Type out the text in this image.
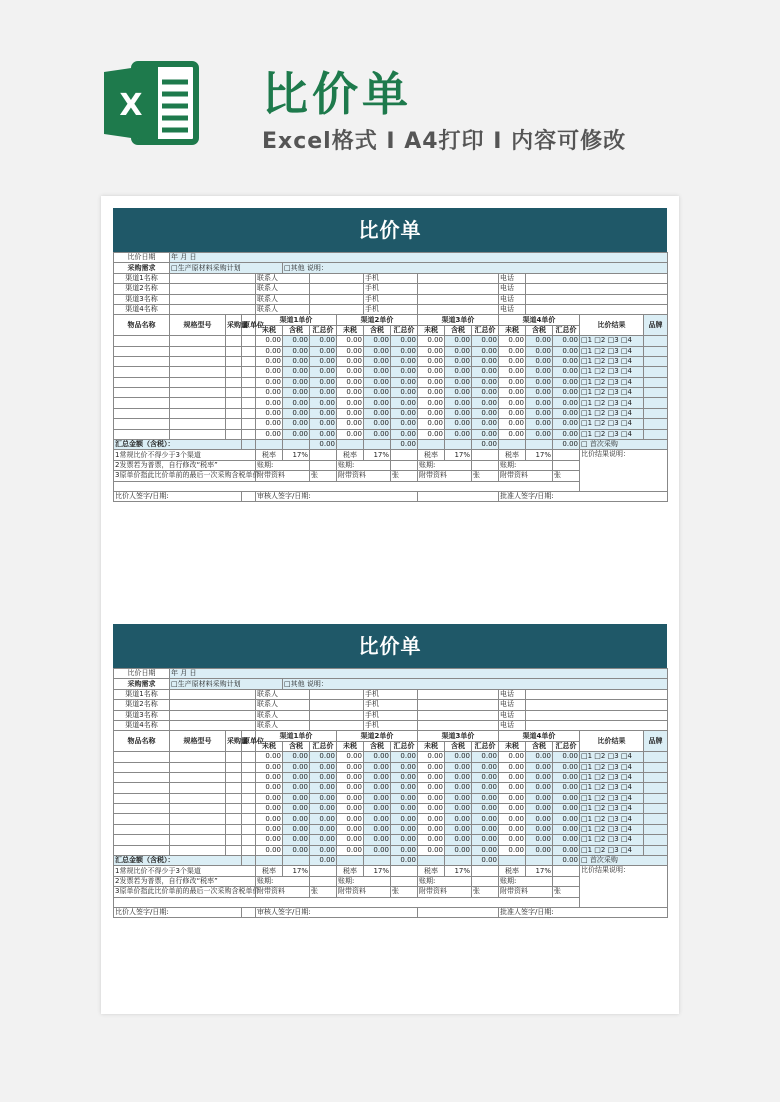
X	比价单
Excel格式 I A4打印 I 内容可修改
比价单
比价日期	年 月 日																
采购需求	□生产原材料采购计划				□其他 说明：												
渠道1名称				联系人				手机					电话				
渠道2名称				联系人				手机					电话				
渠道3名称				联系人				手机					电话				
渠道4名称				联系人				手机					电话				
物品名称	规格型号	采购量	原单位	渠道1单价			渠道2单价			渠道3单价			渠道4单价			比价结果	品牌
				未税	含税	汇总价	未税	含税	汇总价	未税	含税	汇总价	未税	含税	汇总价		
				0.00	0.00	0.00	0.00	0.00	0.00	0.00	0.00	0.00	0.00	0.00	0.00	□1 □2 □3 □4	
				0.00	0.00	0.00	0.00	0.00	0.00	0.00	0.00	0.00	0.00	0.00	0.00	□1 □2 □3 □4	
				0.00	0.00	0.00	0.00	0.00	0.00	0.00	0.00	0.00	0.00	0.00	0.00	□1 □2 □3 □4	
				0.00	0.00	0.00	0.00	0.00	0.00	0.00	0.00	0.00	0.00	0.00	0.00	□1 □2 □3 □4	
				0.00	0.00	0.00	0.00	0.00	0.00	0.00	0.00	0.00	0.00	0.00	0.00	□1 □2 □3 □4	
				0.00	0.00	0.00	0.00	0.00	0.00	0.00	0.00	0.00	0.00	0.00	0.00	□1 □2 □3 □4	
				0.00	0.00	0.00	0.00	0.00	0.00	0.00	0.00	0.00	0.00	0.00	0.00	□1 □2 □3 □4	
				0.00	0.00	0.00	0.00	0.00	0.00	0.00	0.00	0.00	0.00	0.00	0.00	□1 □2 □3 □4	
				0.00	0.00	0.00	0.00	0.00	0.00	0.00	0.00	0.00	0.00	0.00	0.00	□1 □2 □3 □4	
				0.00	0.00	0.00	0.00	0.00	0.00	0.00	0.00	0.00	0.00	0.00	0.00	□1 □2 □3 □4	
汇总金额（含税）：						0.00			0.00			0.00			0.00	□ 首次采购	
1常规比价不得少于3个渠道				税率	17%		税率	17%		税率	17%		税率	17%		比价结果说明：	
2发票若为普票，自行修改“税率”				账期:			账期:			账期:			账期:				
3原单价指此比价单前的最后一次采购含税单价				附带资料		张	附带资料		张	附带资料		张	附带资料		张		

比价人签字/日期:				审核人签字/日期:									批准人签字/日期:				
比价单
比价日期	年 月 日																
采购需求	□生产原材料采购计划				□其他 说明：												
渠道1名称				联系人				手机					电话				
渠道2名称				联系人				手机					电话				
渠道3名称				联系人				手机					电话				
渠道4名称				联系人				手机					电话				
物品名称	规格型号	采购量	原单位	渠道1单价			渠道2单价			渠道3单价			渠道4单价			比价结果	品牌
				未税	含税	汇总价	未税	含税	汇总价	未税	含税	汇总价	未税	含税	汇总价		
				0.00	0.00	0.00	0.00	0.00	0.00	0.00	0.00	0.00	0.00	0.00	0.00	□1 □2 □3 □4	
				0.00	0.00	0.00	0.00	0.00	0.00	0.00	0.00	0.00	0.00	0.00	0.00	□1 □2 □3 □4	
				0.00	0.00	0.00	0.00	0.00	0.00	0.00	0.00	0.00	0.00	0.00	0.00	□1 □2 □3 □4	
				0.00	0.00	0.00	0.00	0.00	0.00	0.00	0.00	0.00	0.00	0.00	0.00	□1 □2 □3 □4	
				0.00	0.00	0.00	0.00	0.00	0.00	0.00	0.00	0.00	0.00	0.00	0.00	□1 □2 □3 □4	
				0.00	0.00	0.00	0.00	0.00	0.00	0.00	0.00	0.00	0.00	0.00	0.00	□1 □2 □3 □4	
				0.00	0.00	0.00	0.00	0.00	0.00	0.00	0.00	0.00	0.00	0.00	0.00	□1 □2 □3 □4	
				0.00	0.00	0.00	0.00	0.00	0.00	0.00	0.00	0.00	0.00	0.00	0.00	□1 □2 □3 □4	
				0.00	0.00	0.00	0.00	0.00	0.00	0.00	0.00	0.00	0.00	0.00	0.00	□1 □2 □3 □4	
				0.00	0.00	0.00	0.00	0.00	0.00	0.00	0.00	0.00	0.00	0.00	0.00	□1 □2 □3 □4	
汇总金额（含税）：						0.00			0.00			0.00			0.00	□ 首次采购	
1常规比价不得少于3个渠道				税率	17%		税率	17%		税率	17%		税率	17%		比价结果说明：	
2发票若为普票，自行修改“税率”				账期:			账期:			账期:			账期:				
3原单价指此比价单前的最后一次采购含税单价				附带资料		张	附带资料		张	附带资料		张	附带资料		张		

比价人签字/日期:				审核人签字/日期:									批准人签字/日期:				
